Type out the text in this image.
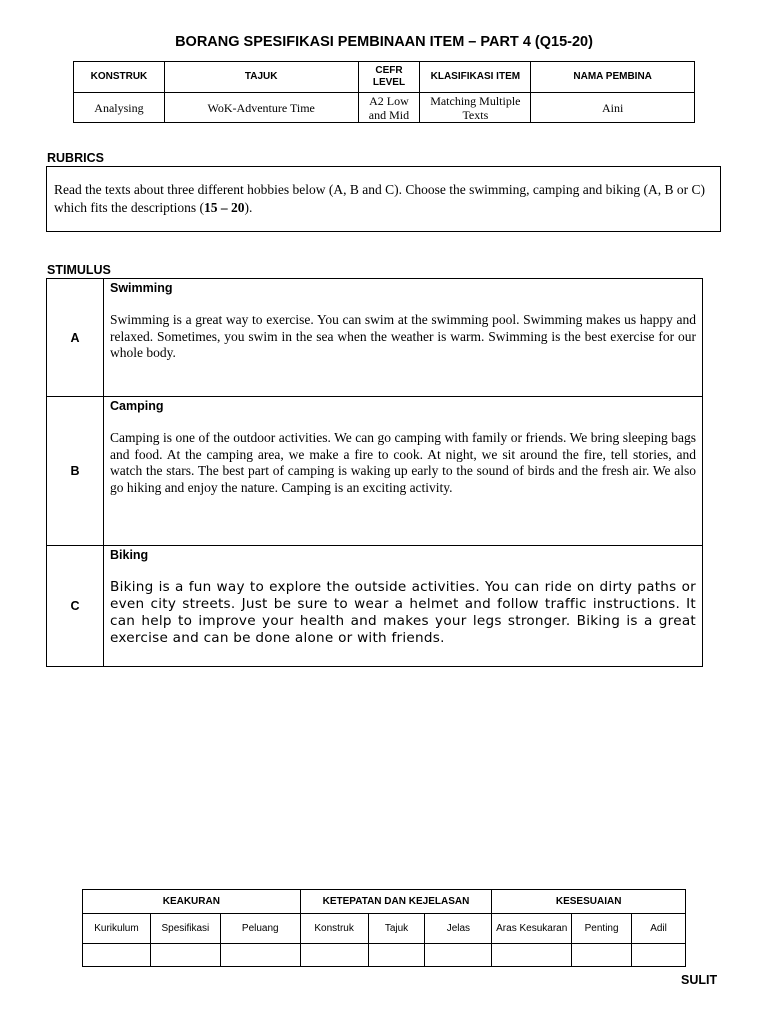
BORANG SPESIFIKASI PEMBINAAN ITEM – PART 4 (Q15-20)
KONSTRUK	TAJUK	CEFR LEVEL	KLASIFIKASI ITEM	NAMA PEMBINA
Analysing	WoK-Adventure Time	A2 Low and Mid	Matching Multiple Texts	Aini
RUBRICS
Read the texts about three different hobbies below (A, B and C). Choose the swimming, camping and biking (A, B or C) which fits the descriptions (15 – 20).
STIMULUS
A	Swimming
Swimming is a great way to exercise. You can swim at the swimming pool. Swimming makes us happy and relaxed. Sometimes, you swim in the sea when the weather is warm. Swimming is the best exercise for our whole body.

B	Camping
Camping is one of the outdoor activities. We can go camping with family or friends. We bring sleeping bags and food. At the camping area, we make a fire to cook. At night, we sit around the fire, tell stories, and watch the stars. The best part of camping is waking up early to the sound of birds and the fresh air. We also go hiking and enjoy the nature. Camping is an exciting activity.

C	Biking
Biking is a fun way to explore the outside activities. You can ride on dirty paths or even city streets. Just be sure to wear a helmet and follow traffic instructions. It can help to improve your health and makes your legs stronger. Biking is a great exercise and can be done alone or with friends.
KEAKURAN			KETEPATAN DAN KEJELASAN			KESESUAIAN		
Kurikulum	Spesifikasi	Peluang	Konstruk	Tajuk	Jelas	Aras Kesukaran	Penting	Adil

SULIT
